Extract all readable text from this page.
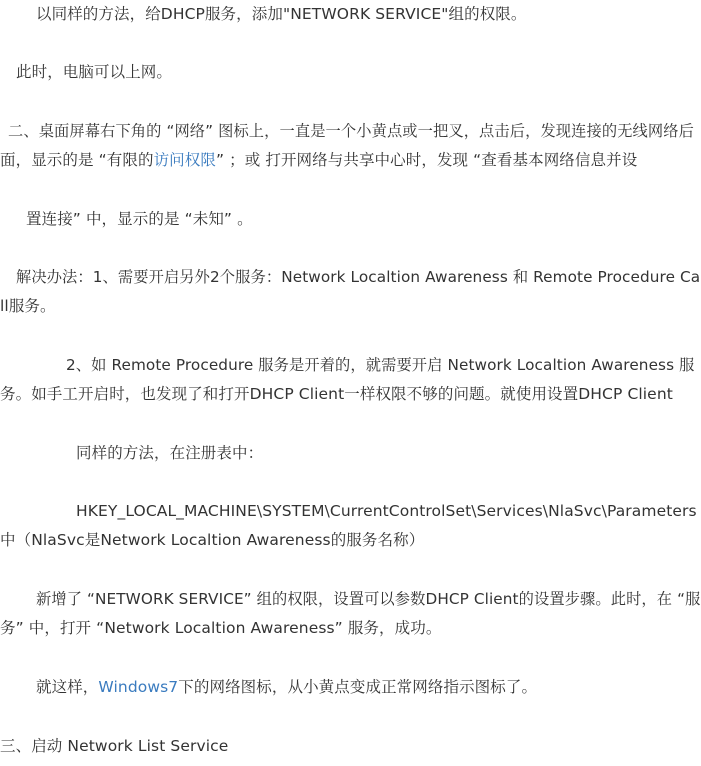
以同样的方法，给DHCP服务，添加"NETWORK SERVICE"组的权限。
此时，电脑可以上网。
二、桌面屏幕右下角的 “网络” 图标上，一直是一个小黄点或一把叉，点击后，发现连接的无线网络后
面，显示的是 “有限的访问权限” ；或 打开网络与共享中心时，发现 “查看基本网络信息并设
置连接” 中，显示的是 “未知” 。
解决办法：1、需要开启另外2个服务：Network Localtion Awareness 和 Remote Procedure Ca
ll服务。
2、如 Remote Procedure 服务是开着的，就需要开启 Network Localtion Awareness 服
务。如手工开启时，也发现了和打开DHCP Client一样权限不够的问题。就使用设置DHCP Client
同样的方法，在注册表中：
HKEY_LOCAL_MACHINE\SYSTEM\CurrentControlSet\Services\NlaSvc\Parameters
中（NlaSvc是Network Localtion Awareness的服务名称）
新增了 “NETWORK SERVICE” 组的权限，设置可以参数DHCP Client的设置步骤。此时，在 “服
务” 中，打开 “Network Localtion Awareness” 服务，成功。
就这样，Windows7下的网络图标，从小黄点变成正常网络指示图标了。
三、启动 Network List Service
